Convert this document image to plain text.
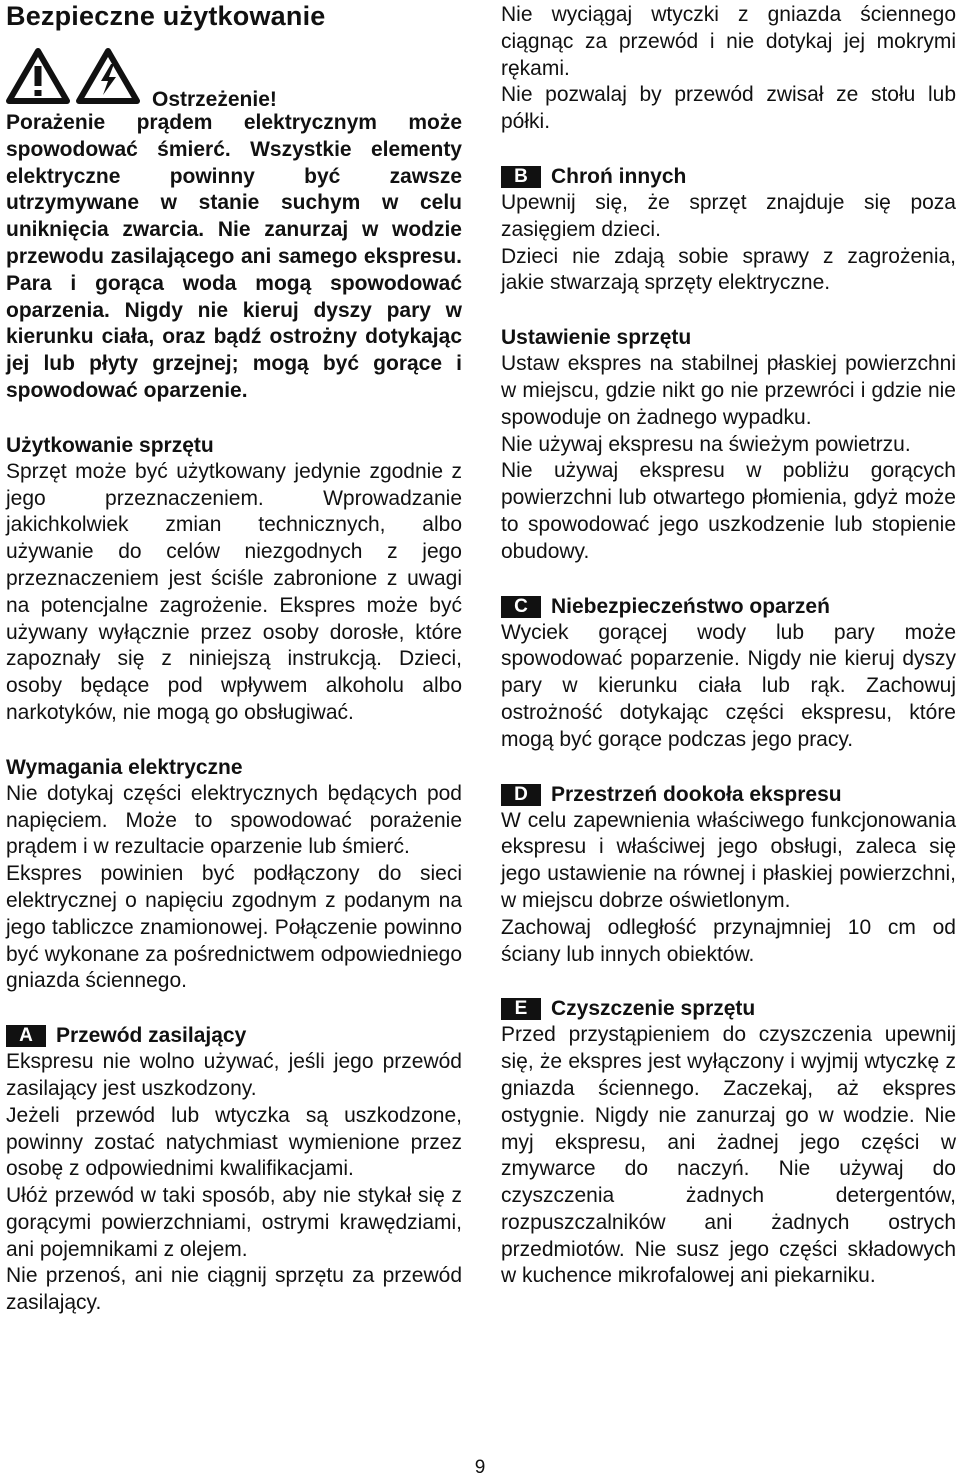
Bezpieczne użytkowanie
Ostrzeżenie!

Porażenie prądem elektrycznym może spowodować śmierć. Wszystkie elementy elektryczne powinny być zawsze utrzymywane w stanie suchym w celu uniknięcia zwarcia. Nie zanurzaj w wodzie przewodu zasilającego ani samego ekspresu. Para i gorąca woda mogą spowodować oparzenia. Nigdy nie kieruj dyszy pary w kierunku ciała, oraz bądź ostrożny dotykając jej lub płyty grzejnej; mogą być gorące i spowodować oparzenie.

Użytkowanie sprzętu

Sprzęt może być użytkowany jedynie zgodnie z jego przeznaczeniem. Wprowadzanie jakichkolwiek zmian technicznych, albo używanie do celów niezgodnych z jego przeznaczeniem jest ściśle zabronione z uwagi na potencjalne zagrożenie. Ekspres może być używany wyłącznie przez osoby dorosłe, które zapoznały się z niniejszą instrukcją. Dzieci, osoby będące pod wpływem alkoholu albo narkotyków, nie mogą go obsługiwać.

Wymagania elektryczne

Nie dotykaj części elektrycznych będących pod napięciem. Może to spowodować porażenie prądem i w rezultacie oparzenie lub śmierć.

Ekspres powinien być podłączony do sieci elektrycznej o napięciu zgodnym z podanym na jego tabliczce znamionowej. Połączenie powinno być wykonane za pośrednictwem odpowiedniego gniazda ściennego.

A Przewód zasilający

Ekspresu nie wolno używać, jeśli jego przewód zasilający jest uszkodzony.

Jeżeli przewód lub wtyczka są uszkodzone, powinny zostać natychmiast wymienione przez osobę z odpowiednimi kwalifikacjami.

Ułóż przewód w taki sposób, aby nie stykał się z gorącymi powierzchniami, ostrymi krawędziami, ani pojemnikami z olejem.

Nie przenoś, ani nie ciągnij sprzętu za przewód zasilający.

Nie wyciągaj wtyczki z gniazda ściennego ciągnąc za przewód i nie dotykaj jej mokrymi rękami.

Nie pozwalaj by przewód zwisał ze stołu lub półki.

B Chroń innych

Upewnij się, że sprzęt znajduje się poza zasięgiem dzieci.

Dzieci nie zdają sobie sprawy z zagrożenia, jakie stwarzają sprzęty elektryczne.

Ustawienie sprzętu

Ustaw ekspres na stabilnej płaskiej powierzchni w miejscu, gdzie nikt go nie przewróci i gdzie nie spowoduje on żadnego wypadku.

Nie używaj ekspresu na świeżym powietrzu.

Nie używaj ekspresu w pobliżu gorących powierzchni lub otwartego płomienia, gdyż może to spowodować jego uszkodzenie lub stopienie obudowy.

C Niebezpieczeństwo oparzeń

Wyciek gorącej wody lub pary może spowodować poparzenie. Nigdy nie kieruj dyszy pary w kierunku ciała lub rąk. Zachowuj ostrożność dotykając części ekspresu, które mogą być gorące podczas jego pracy.

D Przestrzeń dookoła ekspresu

W celu zapewnienia właściwego funkcjonowania ekspresu i właściwej jego obsługi, zaleca się jego ustawienie na równej i płaskiej powierzchni, w miejscu dobrze oświetlonym.

Zachowaj odległość przynajmniej 10 cm od ściany lub innych obiektów.

E Czyszczenie sprzętu

Przed przystąpieniem do czyszczenia upewnij się, że ekspres jest wyłączony i wyjmij wtyczkę z gniazda ściennego. Zaczekaj, aż ekspres ostygnie. Nigdy nie zanurzaj go w wodzie. Nie myj ekspresu, ani żadnej jego części w zmywarce do naczyń. Nie używaj do czyszczenia żadnych detergentów, rozpuszczalników ani żadnych ostrych przedmiotów. Nie susz jego części składowych w kuchence mikrofalowej ani piekarniku.

9
